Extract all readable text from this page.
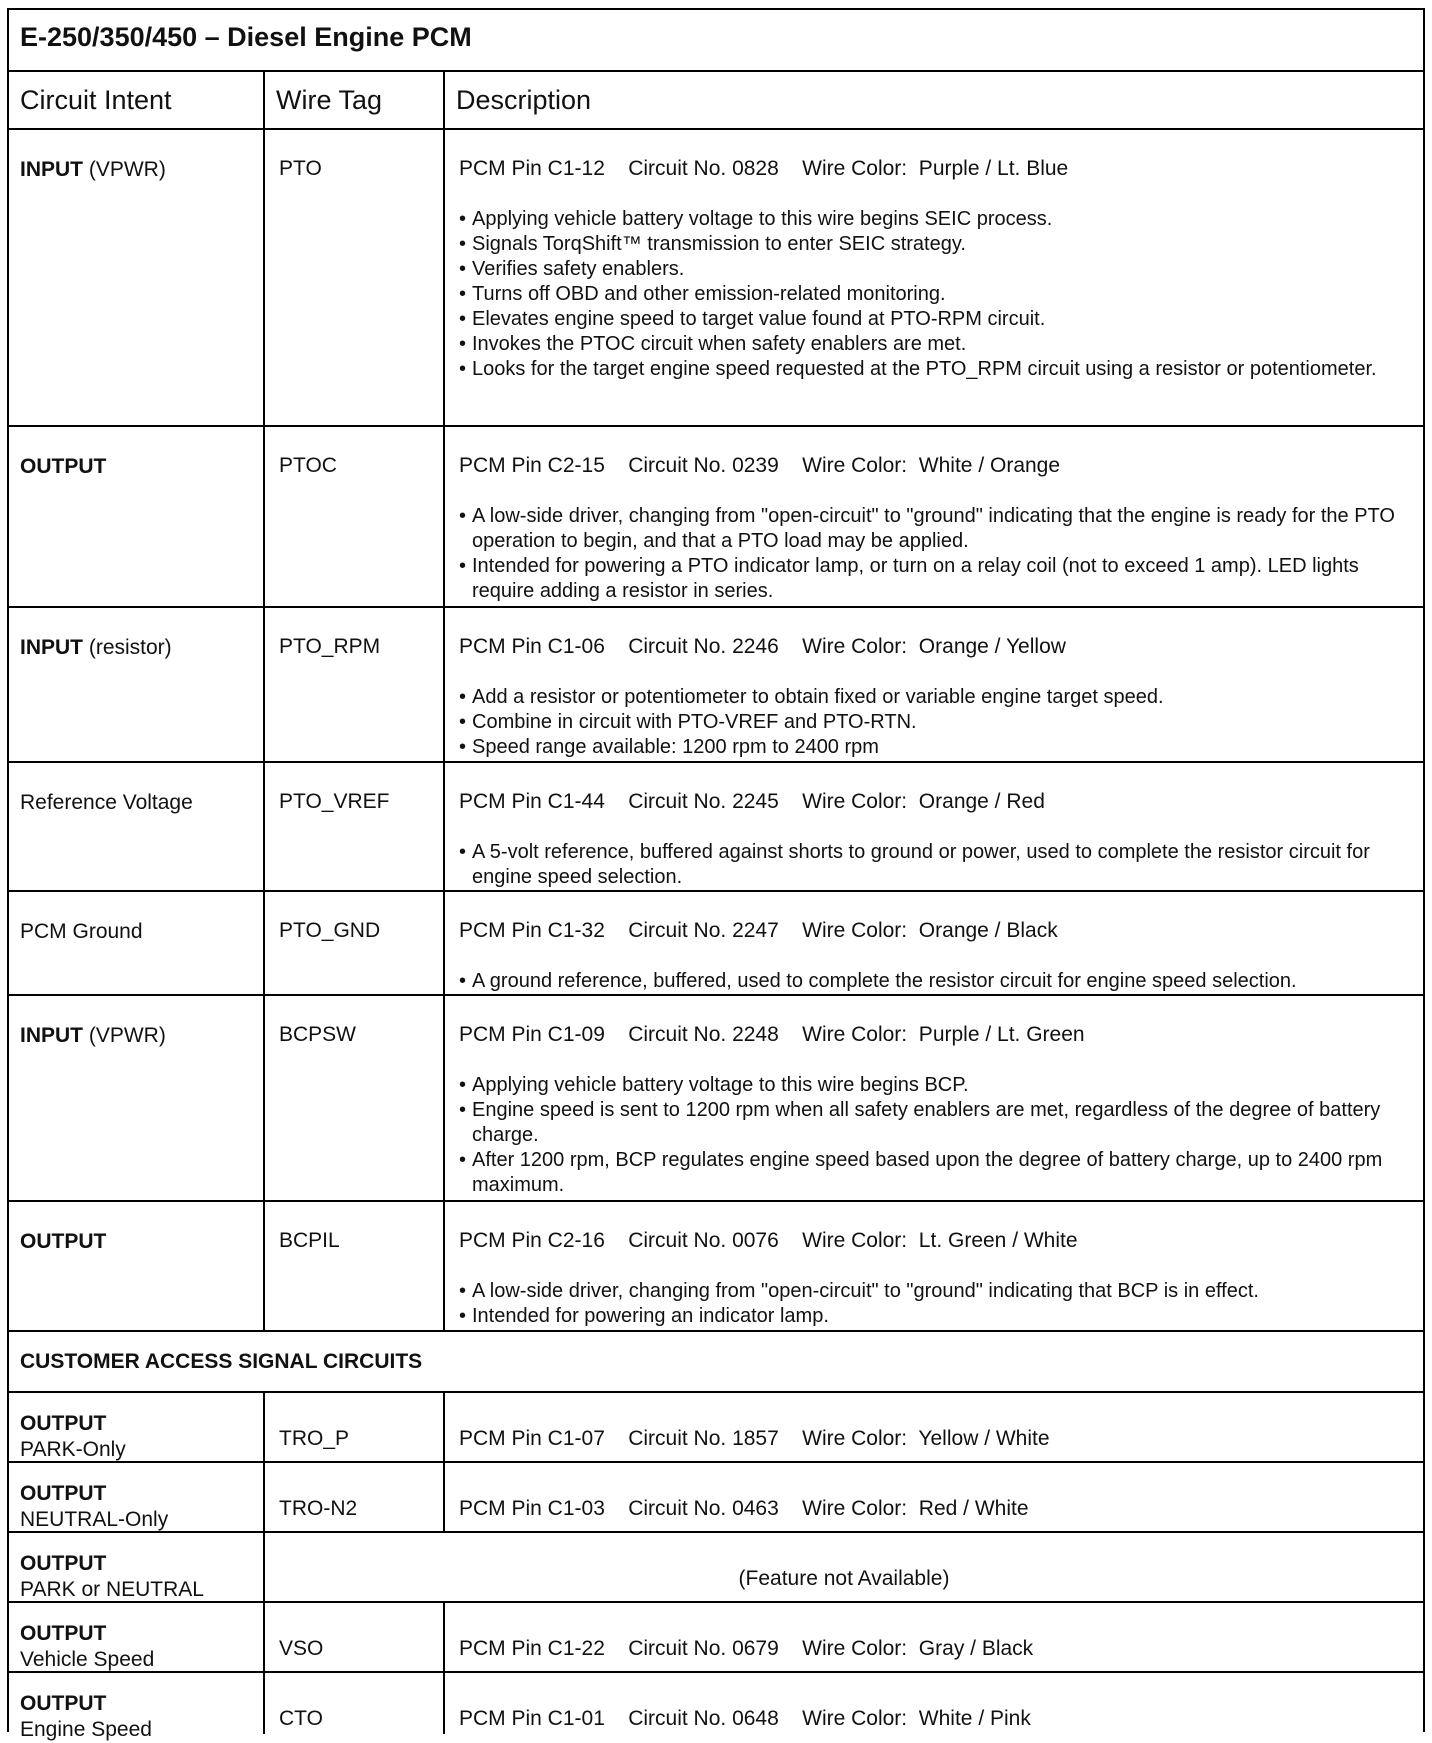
E-250/350/450 – Diesel Engine PCM
Circuit Intent	Wire Tag	Description
INPUT (VPWR)	PTO	PCM Pin C1-12    Circuit No. 0828    Wire Color:  Purple / Lt. Blue
• Applying vehicle battery voltage to this wire begins SEIC process.
• Signals TorqShift™ transmission to enter SEIC strategy.
• Verifies safety enablers.
• Turns off OBD and other emission-related monitoring.
• Elevates engine speed to target value found at PTO-RPM circuit.
• Invokes the PTOC circuit when safety enablers are met.
• Looks for the target engine speed requested at the PTO_RPM circuit using a resistor or potentiometer.
OUTPUT	PTOC	PCM Pin C2-15    Circuit No. 0239    Wire Color:  White / Orange
• A low-side driver, changing from "open-circuit" to "ground" indicating that the engine is ready for the PTO operation to begin, and that a PTO load may be applied.
• Intended for powering a PTO indicator lamp, or turn on a relay coil (not to exceed 1 amp). LED lights require adding a resistor in series.
INPUT (resistor)	PTO_RPM	PCM Pin C1-06    Circuit No. 2246    Wire Color:  Orange / Yellow
• Add a resistor or potentiometer to obtain fixed or variable engine target speed.
• Combine in circuit with PTO-VREF and PTO-RTN.
• Speed range available: 1200 rpm to 2400 rpm
Reference Voltage	PTO_VREF	PCM Pin C1-44    Circuit No. 2245    Wire Color:  Orange / Red
• A 5-volt reference, buffered against shorts to ground or power, used to complete the resistor circuit for engine speed selection.
PCM Ground	PTO_GND	PCM Pin C1-32    Circuit No. 2247    Wire Color:  Orange / Black
• A ground reference, buffered, used to complete the resistor circuit for engine speed selection.
INPUT (VPWR)	BCPSW	PCM Pin C1-09    Circuit No. 2248    Wire Color:  Purple / Lt. Green
• Applying vehicle battery voltage to this wire begins BCP.
• Engine speed is sent to 1200 rpm when all safety enablers are met, regardless of the degree of battery charge.
• After 1200 rpm, BCP regulates engine speed based upon the degree of battery charge, up to 2400 rpm maximum.
OUTPUT	BCPIL	PCM Pin C2-16    Circuit No. 0076    Wire Color:  Lt. Green / White
• A low-side driver, changing from "open-circuit" to "ground" indicating that BCP is in effect.
• Intended for powering an indicator lamp.
CUSTOMER ACCESS SIGNAL CIRCUITS
OUTPUT
PARK-Only	TRO_P	PCM Pin C1-07    Circuit No. 1857    Wire Color:  Yellow / White
OUTPUT
NEUTRAL-Only	TRO-N2	PCM Pin C1-03    Circuit No. 0463    Wire Color:  Red / White
OUTPUT
PARK or NEUTRAL	(Feature not Available)
OUTPUT
Vehicle Speed	VSO	PCM Pin C1-22    Circuit No. 0679    Wire Color:  Gray / Black
OUTPUT
Engine Speed	CTO	PCM Pin C1-01    Circuit No. 0648    Wire Color:  White / Pink
